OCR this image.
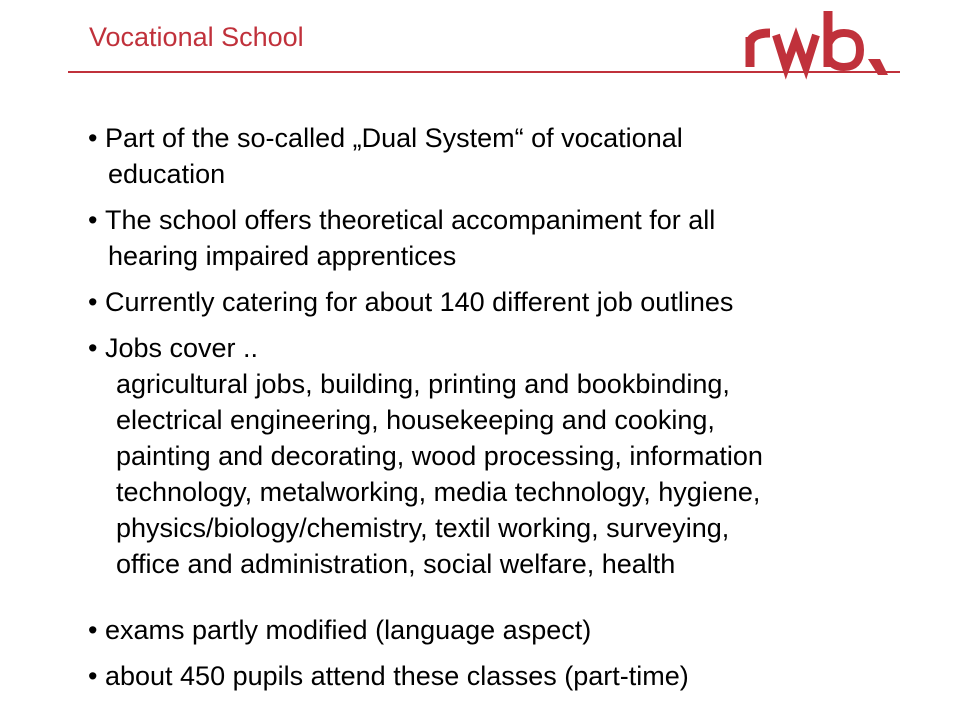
Vocational School
• Part of the so-called „Dual System“ of vocational
education
• The school offers theoretical accompaniment for all
hearing impaired apprentices
• Currently catering for about 140 different job outlines
• Jobs cover ..
agricultural jobs, building, printing and bookbinding,
electrical engineering, housekeeping and cooking,
painting and decorating, wood processing, information
technology, metalworking, media technology, hygiene,
physics/biology/chemistry, textil working, surveying,
office and administration, social welfare, health
• exams partly modified (language aspect)
• about 450 pupils attend these classes (part-time)
